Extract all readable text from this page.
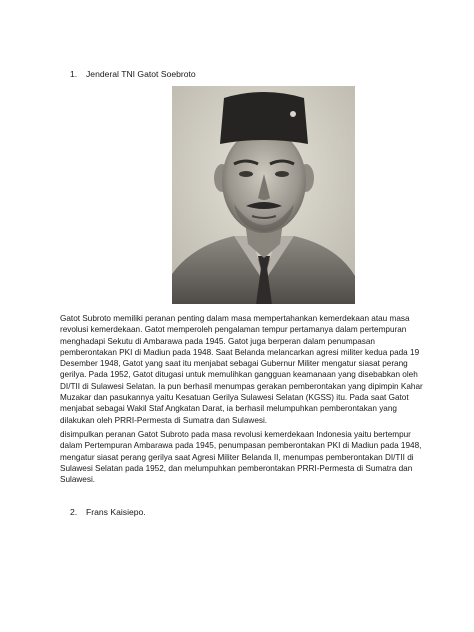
1. Jenderal TNI Gatot Soebroto
Gatot Subroto memiliki peranan penting dalam masa mempertahankan kemerdekaan atau masa
revolusi kemerdekaan. Gatot memperoleh pengalaman tempur pertamanya dalam pertempuran
menghadapi Sekutu di Ambarawa pada 1945. Gatot juga berperan dalam penumpasan
pemberontakan PKI di Madiun pada 1948. Saat Belanda melancarkan agresi militer kedua pada 19
Desember 1948, Gatot yang saat itu menjabat sebagai Gubernur Militer mengatur siasat perang
gerilya. Pada 1952, Gatot ditugasi untuk memulihkan gangguan keamanaan yang disebabkan oleh
DI/TII di Sulawesi Selatan. Ia pun berhasil menumpas gerakan pemberontakan yang dipimpin Kahar
Muzakar dan pasukannya yaitu Kesatuan Gerilya Sulawesi Selatan (KGSS) itu. Pada saat Gatot
menjabat sebagai Wakil Staf Angkatan Darat, ia berhasil melumpuhkan pemberontakan yang
dilakukan oleh PRRI-Permesta di Sumatra dan Sulawesi.
disimpulkan peranan Gatot Subroto pada masa revolusi kemerdekaan Indonesia yaitu bertempur
dalam Pertempuran Ambarawa pada 1945, penumpasan pemberontakan PKI di Madiun pada 1948,
mengatur siasat perang gerilya saat Agresi Militer Belanda II, menumpas pemberontakan DI/TII di
Sulawesi Selatan pada 1952, dan melumpuhkan pemberontakan PRRI-Permesta di Sumatra dan
Sulawesi.
2. Frans Kaisiepo.
